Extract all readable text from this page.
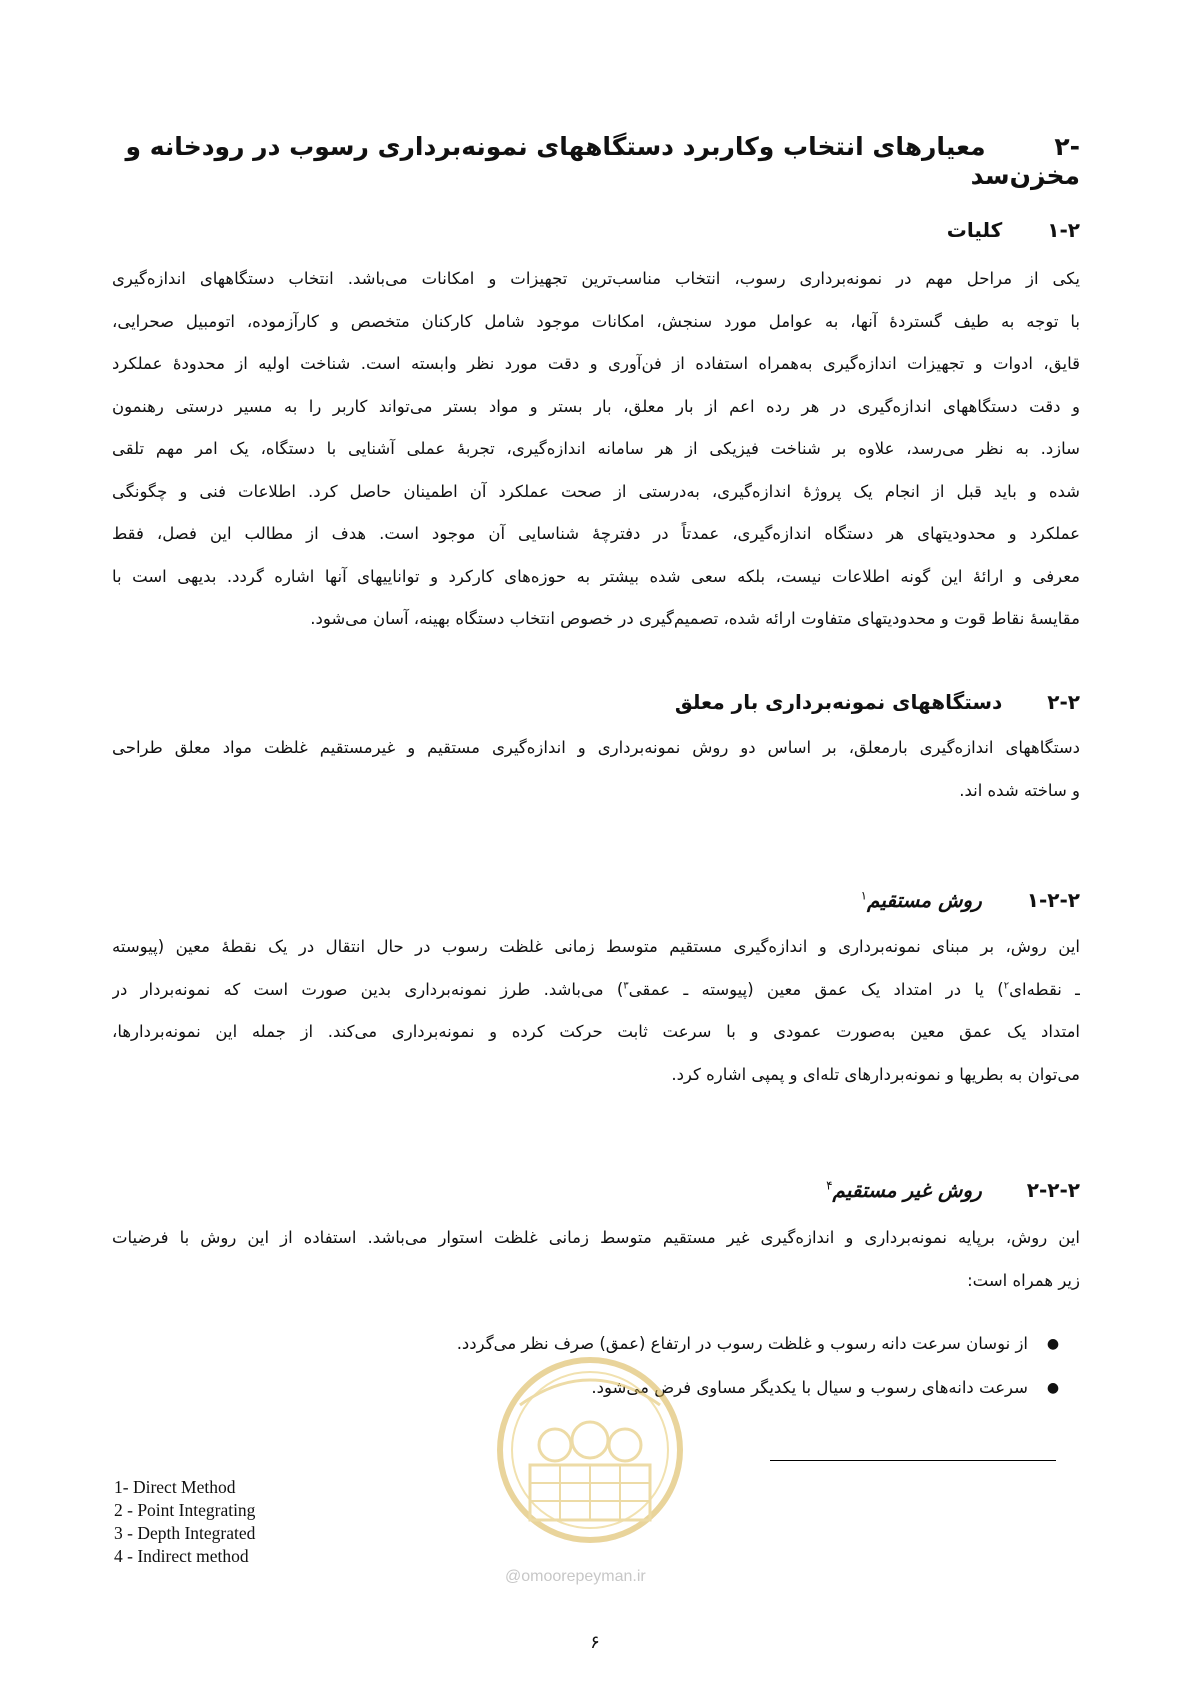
-۲ معیارهای انتخاب وکاربرد دستگاههای نمونه‌برداری رسوب در رودخانه و مخزن‌سد
۱-۲ کلیات
یکی از مراحل مهم در نمونه‌برداری رسوب، انتخاب مناسب‌ترین تجهیزات و امکانات می‌باشد. انتخاب دستگاههای اندازه‌گیری
با توجه به طیف گستردهٔ آنها، به عوامل مورد سنجش، امکانات موجود شامل کارکنان متخصص و کارآزموده، اتومبیل صحرایی،
قایق، ادوات و تجهیزات اندازه‌گیری به‌همراه استفاده از فن‌آوری و دقت مورد نظر وابسته است. شناخت اولیه از محدودهٔ عملکرد
و دقت دستگاههای اندازه‌گیری در هر رده اعم از بار معلق، بار بستر و مواد بستر می‌تواند کاربر را به مسیر درستی رهنمون
سازد. به نظر می‌رسد، علاوه بر شناخت فیزیکی از هر سامانه اندازه‌گیری، تجربهٔ عملی آشنایی با دستگاه، یک امر مهم تلقی
شده و باید قبل از انجام یک پروژهٔ اندازه‌گیری، به‌درستی از صحت عملکرد آن اطمینان حاصل کرد. اطلاعات فنی و چگونگی
عملکرد و محدودیتهای هر دستگاه اندازه‌گیری، عمدتاً در دفترچهٔ شناسایی آن موجود است. هدف از مطالب این فصل، فقط
معرفی و ارائهٔ این گونه اطلاعات نیست، بلکه سعی شده بیشتر به حوزه‌های کارکرد و تواناییهای آنها اشاره گردد. بدیهی است با
مقایسهٔ نقاط قوت و محدودیتهای متفاوت ارائه شده، تصمیم‌گیری در خصوص انتخاب دستگاه بهینه، آسان می‌شود.
۲-۲ دستگاههای نمونه‌برداری بار معلق
دستگاههای اندازه‌گیری بارمعلق، بر اساس دو روش نمونه‌برداری و اندازه‌گیری مستقیم و غیرمستقیم غلظت مواد معلق طراحی
و ساخته شده اند.
۱-۲-۲ روش مستقیم$^۱$
این روش، بر مبنای نمونه‌برداری و اندازه‌گیری مستقیم متوسط زمانی غلظت رسوب در حال انتقال در یک نقطهٔ معین (پیوسته
ـ نقطه‌ای$^۲$) یا در امتداد یک عمق معین (پیوسته ـ عمقی$^۳$) می‌باشد. طرز نمونه‌برداری بدین صورت است که نمونه‌بردار در
امتداد یک عمق معین به‌صورت عمودی و با سرعت ثابت حرکت کرده و نمونه‌برداری می‌کند. از جمله این نمونه‌بردارها،
می‌توان به بطریها و نمونه‌بردارهای تله‌ای و پمپی اشاره کرد.
۲-۲-۲ روش غیر مستقیم$^۴$
این روش، برپایه نمونه‌برداری و اندازه‌گیری غیر مستقیم متوسط زمانی غلظت استوار می‌باشد. استفاده از این روش با فرضیات
زیر همراه است:
●
از نوسان سرعت دانه رسوب و غلظت رسوب در ارتفاع (عمق) صرف نظر می‌گردد.
●
سرعت دانه‌های رسوب و سیال با یکدیگر مساوی فرض می‌شود.
@omoorepeyman.ir
1- Direct Method
2 - Point Integrating
3 - Depth Integrated
4 - Indirect method
۶
